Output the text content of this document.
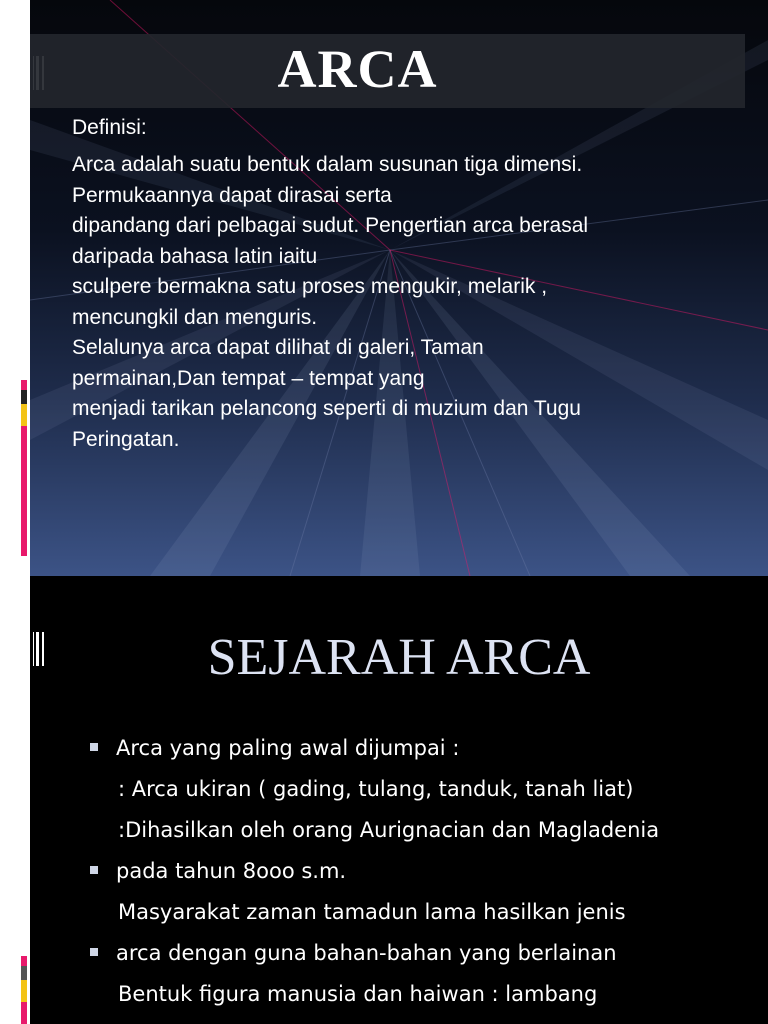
ARCA
Definisi:
Arca adalah suatu bentuk dalam susunan tiga dimensi.
Permukaannya dapat dirasai serta
dipandang dari pelbagai sudut. Pengertian arca berasal
daripada bahasa latin iaitu
sculpere bermakna satu proses mengukir, melarik ,
mencungkil dan menguris.
Selalunya arca dapat dilihat di galeri, Taman
permainan,Dan tempat – tempat yang
menjadi tarikan pelancong seperti di muzium dan Tugu
Peringatan.
SEJARAH ARCA
Arca yang paling awal dijumpai :
: Arca ukiran ( gading, tulang, tanduk, tanah liat)
:Dihasilkan oleh orang Aurignacian dan Magladenia
pada tahun 8ooo s.m.
Masyarakat zaman tamadun lama hasilkan jenis
arca dengan guna bahan-bahan yang berlainan
Bentuk figura manusia dan haiwan : lambang
